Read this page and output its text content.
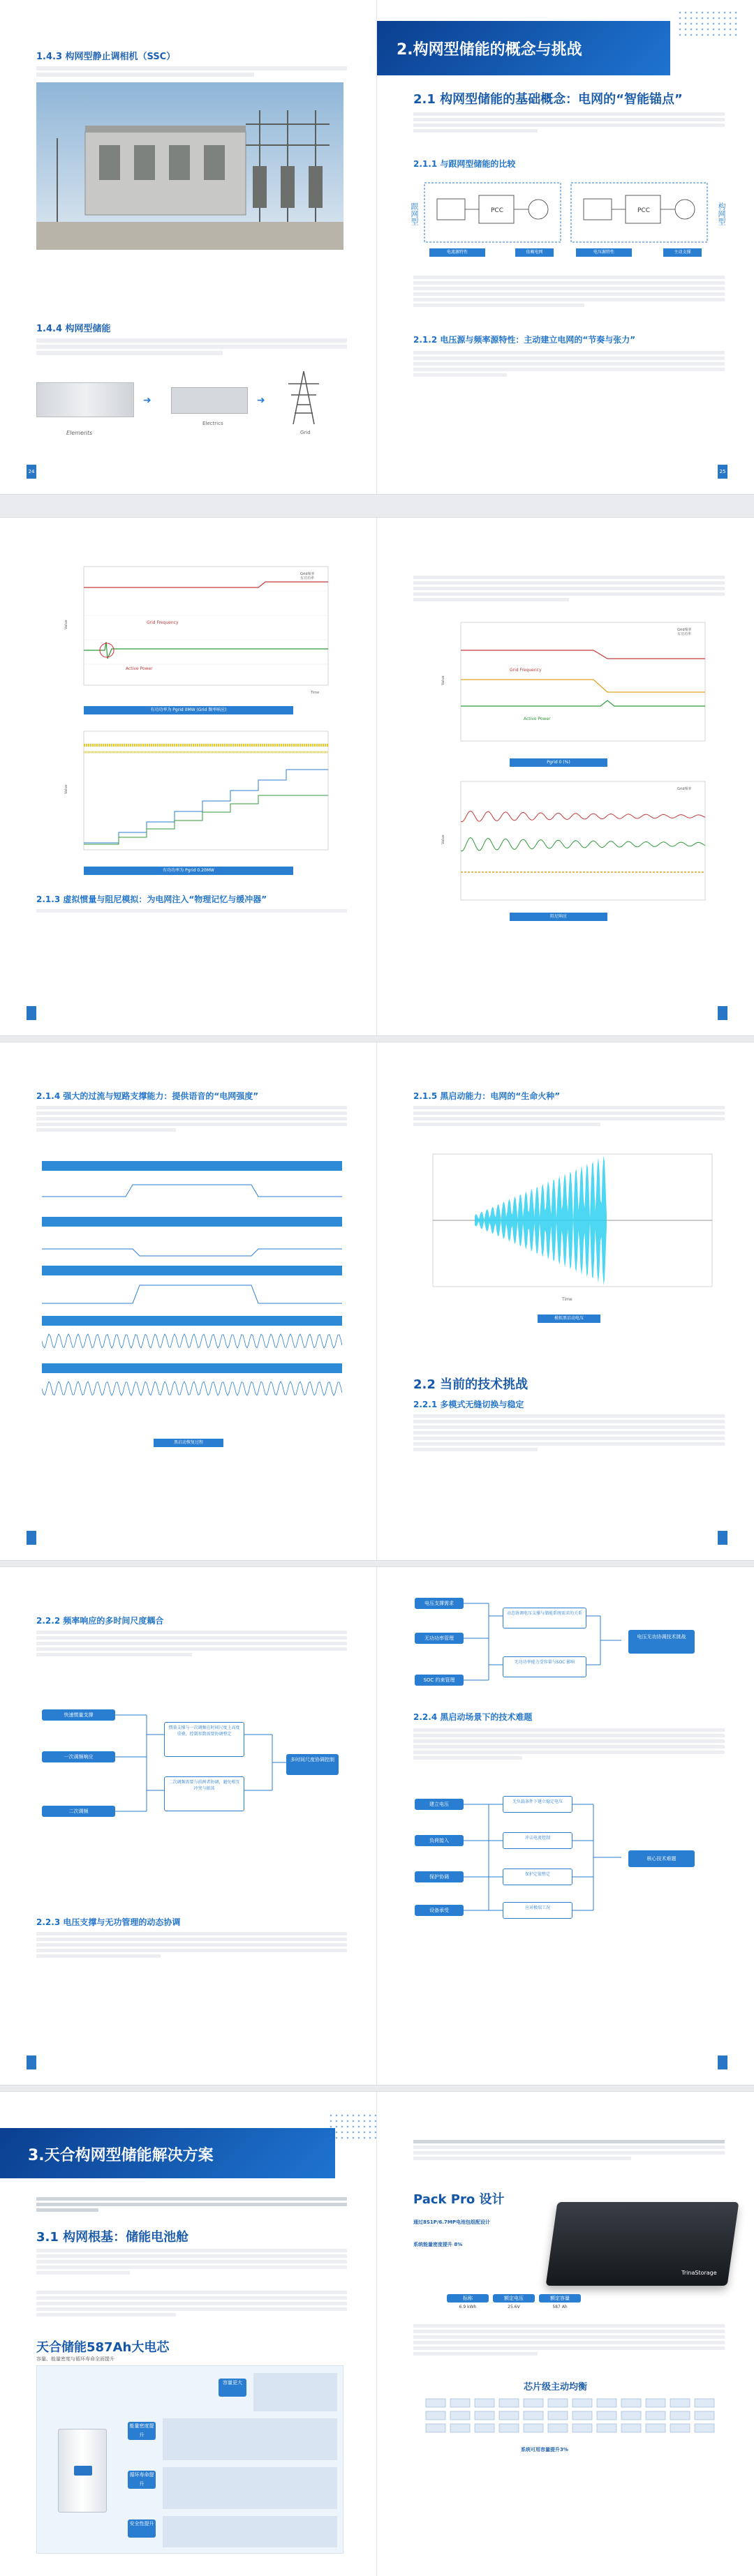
1.4.3 构网型静止调相机（SSC）
1.4.4 构网型储能
➜	➜
Elements
Electrics
Grid
24
2.构网型储能的概念与挑战
2.1 构网型储能的基础概念：电网的“智能锚点”
2.1.1 与跟网型储能的比较
跟网型	构网型
PCC	PCC
电流源特性	依赖电网	电压源特性	主动支撑
2.1.2 电压源与频率源特性：主动建立电网的“节奏与张力”
25
Grid频率
有功功率
Grid Frequency
Active Power
Time
Value
有功功率为 Pgrid 0MW (Grid 频率响应)
Value
有功功率为 Pgrid 0.20MW
2.1.3 虚拟惯量与阻尼模拟：为电网注入“物理记忆与缓冲器”
Grid频率
有功功率
Grid Frequency
Active Power
Value
Pgrid 0 (%)
Grid频率
Value
阻尼响应
2.1.4 强大的过流与短路支撑能力：提供语音的“电网强度”
黑启动恢复过程
2.1.5 黑启动能力：电网的“生命火种”
Time
模拟黑启动电压
2.2 当前的技术挑战
2.2.1 多模式无缝切换与稳定
2.2.2 频率响应的多时间尺度耦合
快速惯量支撑
一次调频响应
二次调频
惯量支撑与一次调频在时间尺度上高度重叠，控制参数需要协调整定
二次调频需要与前两者协调，避免相互冲突与振荡
多时间尺度协调控制
2.2.3 电压支撑与无功管理的动态协调
电压支撑需求
无功功率管理
SOC 约束管理
动态协调电压支撑与储能系统需求的关系
无功功率能力受容量与SOC 影响
电压无功协调技术挑战
2.2.4 黑启动场景下的技术难题
建立电压
负荷接入
保护协调
设备承受
无负载条件下建立稳定电压
冲击电流控制
保护定值整定
应对极端工况
核心技术难题
3.天合构网型储能解决方案
3.1 构网根基：储能电池舱
天合储能587Ah大电芯
容量、能量密度与循环寿命全面提升
容量更大
能量密度提升
循环寿命提升
安全性提升
Pack Pro 设计
通过8S1P/6.7MP电池包组配设计
系统能量密度提升 8%
TrinaStorage
标称	额定电压	额定容量
6.9 kWh	25.6V	587 Ah
芯片级主动均衡
系统可用容量提升3%
